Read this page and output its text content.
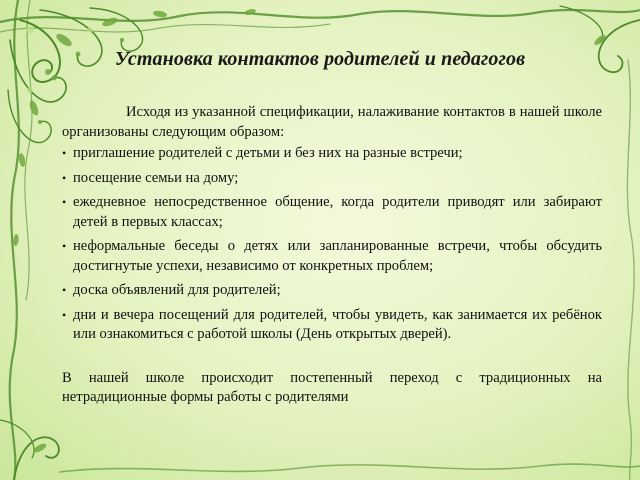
Установка контактов родителей и педагогов

Исходя из указанной спецификации, налаживание контактов в нашей школе организованы следующим образом:

• приглашение родителей с детьми и без них на разные встречи;
• посещение семьи на дому;
• ежедневное непосредственное общение, когда родители приводят или забирают детей в первых классах;
• неформальные беседы о детях или запланированные встречи, чтобы обсудить достигнутые успехи, независимо от конкретных проблем;
• доска объявлений для родителей;
• дни и вечера посещений для родителей, чтобы увидеть, как занимается их ребёнок или ознакомиться с работой школы (День открытых дверей).

В нашей школе происходит постепенный переход с традиционных на нетрадиционные формы работы с родителями
